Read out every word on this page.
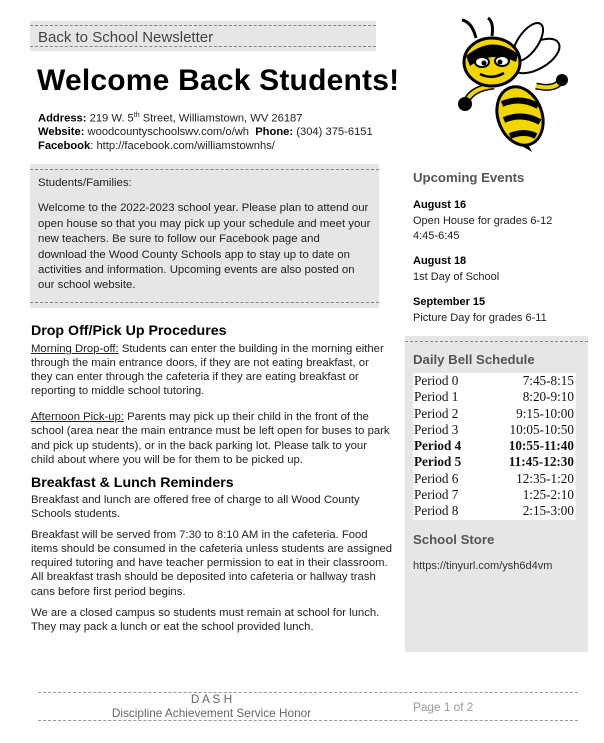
Back to School Newsletter
Welcome Back Students!
Address: 219 W. 5th Street, Williamstown, WV 26187
Website: woodcountyschoolswv.com/o/wh Phone: (304) 375-6151
Facebook: http://facebook.com/williamstownhs/

Students/Families:

Welcome to the 2022-2023 school year. Please plan to attend our open house so that you may pick up your schedule and meet your new teachers. Be sure to follow our Facebook page and download the Wood County Schools app to stay up to date on activities and information. Upcoming events are also posted on our school website.

Drop Off/Pick Up Procedures

Morning Drop-off: Students can enter the building in the morning either through the main entrance doors, if they are not eating breakfast, or they can enter through the cafeteria if they are eating breakfast or reporting to middle school tutoring.

Afternoon Pick-up: Parents may pick up their child in the front of the school (area near the main entrance must be left open for buses to park and pick up students), or in the back parking lot. Please talk to your child about where you will be for them to be picked up.

Breakfast & Lunch Reminders

Breakfast and lunch are offered free of charge to all Wood County Schools students.

Breakfast will be served from 7:30 to 8:10 AM in the cafeteria. Food items should be consumed in the cafeteria unless students are assigned required tutoring and have teacher permission to eat in their classroom. All breakfast trash should be deposited into cafeteria or hallway trash cans before first period begins.

We are a closed campus so students must remain at school for lunch. They may pack a lunch or eat the school provided lunch.

Upcoming Events
August 16
Open House for grades 6-12
4:45-6:45
August 18
1st Day of School
September 15
Picture Day for grades 6-11
Daily Bell Schedule
Period 0	7:45-8:15
Period 1	8:20-9:10
Period 2	9:15-10:00
Period 3	10:05-10:50
Period 4	10:55-11:40
Period 5	11:45-12:30
Period 6	12:35-1:20
Period 7	1:25-2:10
Period 8	2:15-3:00
School Store
https://tinyurl.com/ysh6d4vm
D A S H
Discipline Achievement Service Honor	Page 1 of 2
